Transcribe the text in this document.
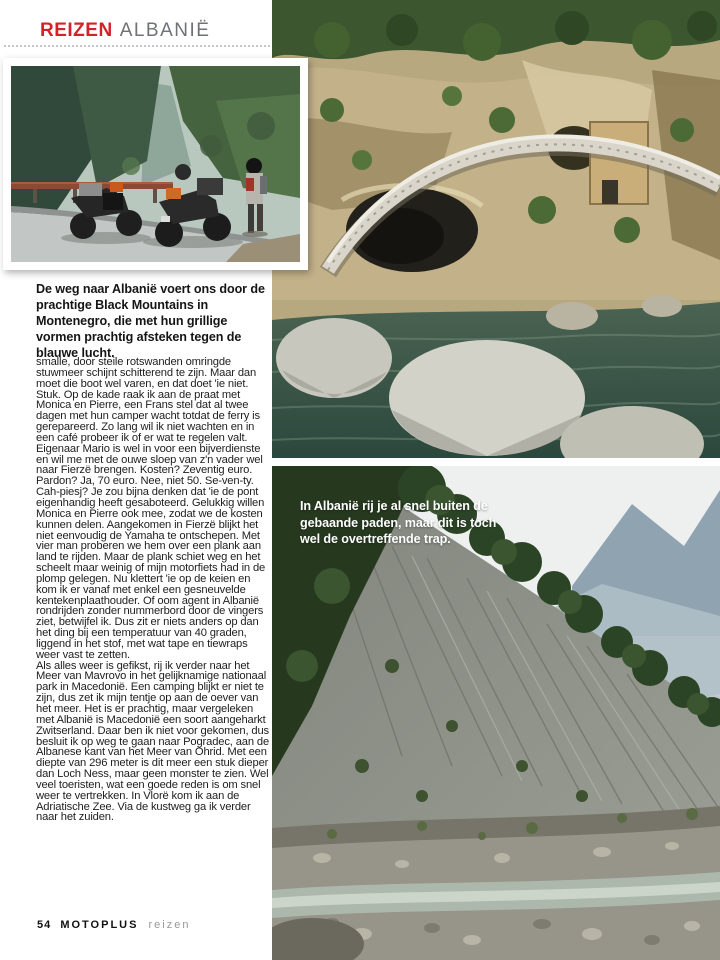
In Albanië rij je al snel buiten de gebaande paden, maar dit is toch wel de overtreffende trap.
REIZEN ALBANIË

De weg naar Albanië voert ons door de prachtige Black Mountains in Montenegro, die met hun grillige vormen prachtig afsteken tegen de blauwe lucht.

smalle, door steile rotswanden omringde stuwmeer schijnt schitterend te zijn. Maar dan moet die boot wel varen, en dat doet 'ie niet. Stuk. Op de kade raak ik aan de praat met Monica en Pierre, een Frans stel dat al twee dagen met hun camper wacht totdat de ferry is gerepareerd. Zo lang wil ik niet wachten en in een café probeer ik of er wat te regelen valt. Eigenaar Mario is wel in voor een bijverdienste en wil me met de ouwe sloep van z'n vader wel naar Fierzë brengen. Kosten? Zeventig euro. Pardon? Ja, 70 euro. Nee, niet 50. Se-ven-ty. Cah-piesj? Je zou bijna denken dat 'ie de pont eigenhandig heeft gesaboteerd. Gelukkig willen Monica en Pierre ook mee, zodat we de kosten kunnen delen. Aangekomen in Fierzë blijkt het niet eenvoudig de Yamaha te ontschepen. Met vier man proberen we hem over een plank aan land te rijden. Maar de plank schiet weg en het scheelt maar weinig of mijn motorfiets had in de plomp gelegen. Nu klettert 'ie op de keien en kom ik er vanaf met enkel een gesneuvelde kentekenplaathouder. Of oom agent in Albanië rondrijden zonder nummerbord door de vingers ziet, betwijfel ik. Dus zit er niets anders op dan het ding bij een temperatuur van 40 graden, liggend in het stof, met wat tape en tiewraps weer vast te zetten.

Als alles weer is gefikst, rij ik verder naar het Meer van Mavrovo in het gelijknamige nationaal park in Macedonië. Een camping blijkt er niet te zijn, dus zet ik mijn tentje op aan de oever van het meer. Het is er prachtig, maar vergeleken met Albanië is Macedonië een soort aangeharkt Zwitserland. Daar ben ik niet voor gekomen, dus besluit ik op weg te gaan naar Pogradec, aan de Albanese kant van het Meer van Ohrid. Met een diepte van 296 meter is dit meer een stuk dieper dan Loch Ness, maar geen monster te zien. Wel veel toeristen, wat een goede reden is om snel weer te vertrekken. In Vlorë kom ik aan de Adriatische Zee. Via de kustweg ga ik verder naar het zuiden.

54 MOTOPLUS reizen
